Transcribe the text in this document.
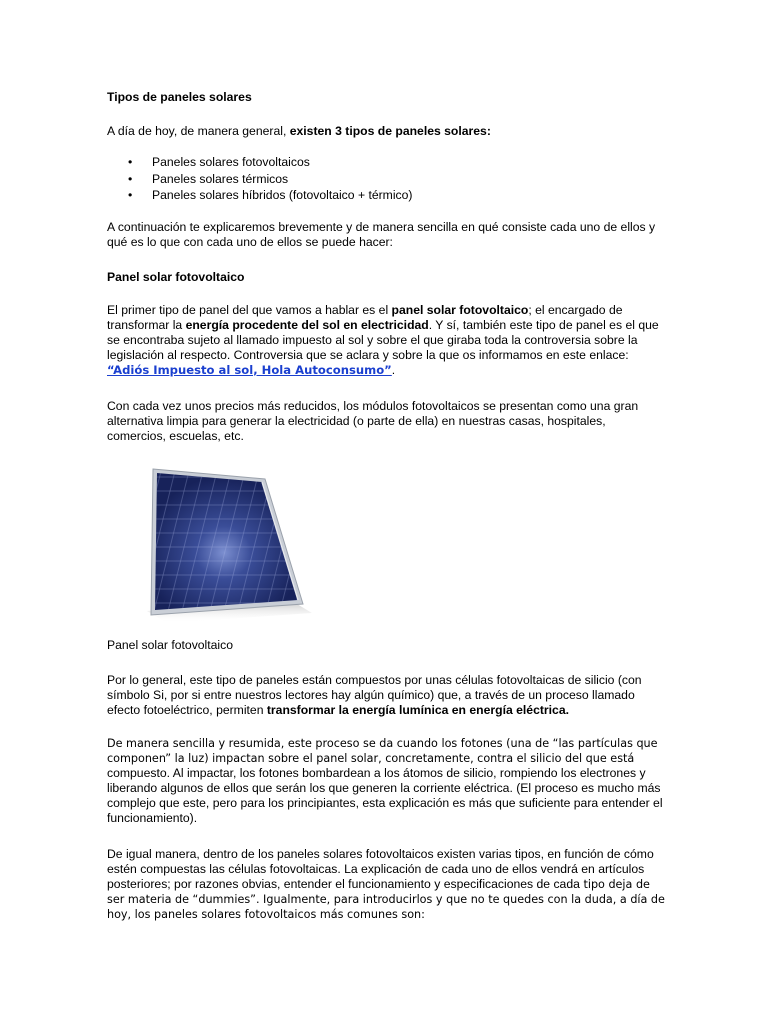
Tipos de paneles solares

A día de hoy, de manera general, existen 3 tipos de paneles solares:

• Paneles solares fotovoltaicos
• Paneles solares térmicos
• Paneles solares híbridos (fotovoltaico + térmico)

A continuación te explicaremos brevemente y de manera sencilla en qué consiste cada uno de ellos y qué es lo que con cada uno de ellos se puede hacer:

Panel solar fotovoltaico

El primer tipo de panel del que vamos a hablar es el panel solar fotovoltaico; el encargado de transformar la energía procedente del sol en electricidad. Y sí, también este tipo de panel es el que se encontraba sujeto al llamado impuesto al sol y sobre el que giraba toda la controversia sobre la legislación al respecto. Controversia que se aclara y sobre la que os informamos en este enlace: “Adiós Impuesto al sol, Hola Autoconsumo”.

Con cada vez unos precios más reducidos, los módulos fotovoltaicos se presentan como una gran alternativa limpia para generar la electricidad (o parte de ella) en nuestras casas, hospitales, comercios, escuelas, etc.

Panel solar fotovoltaico

Por lo general, este tipo de paneles están compuestos por unas células fotovoltaicas de silicio (con símbolo Si, por si entre nuestros lectores hay algún químico) que, a través de un proceso llamado efecto fotoeléctrico, permiten transformar la energía lumínica en energía eléctrica.

De manera sencilla y resumida, este proceso se da cuando los fotones (una de “las partículas que componen” la luz) impactan sobre el panel solar, concretamente, contra el silicio del que está compuesto. Al impactar, los fotones bombardean a los átomos de silicio, rompiendo los electrones y liberando algunos de ellos que serán los que generen la corriente eléctrica. (El proceso es mucho más complejo que este, pero para los principiantes, esta explicación es más que suficiente para entender el funcionamiento).

De igual manera, dentro de los paneles solares fotovoltaicos existen varias tipos, en función de cómo estén compuestas las células fotovoltaicas. La explicación de cada uno de ellos vendrá en artículos posteriores; por razones obvias, entender el funcionamiento y especificaciones de cada tipo deja de ser materia de “dummies”. Igualmente, para introducirlos y que no te quedes con la duda, a día de hoy, los paneles solares fotovoltaicos más comunes son:
